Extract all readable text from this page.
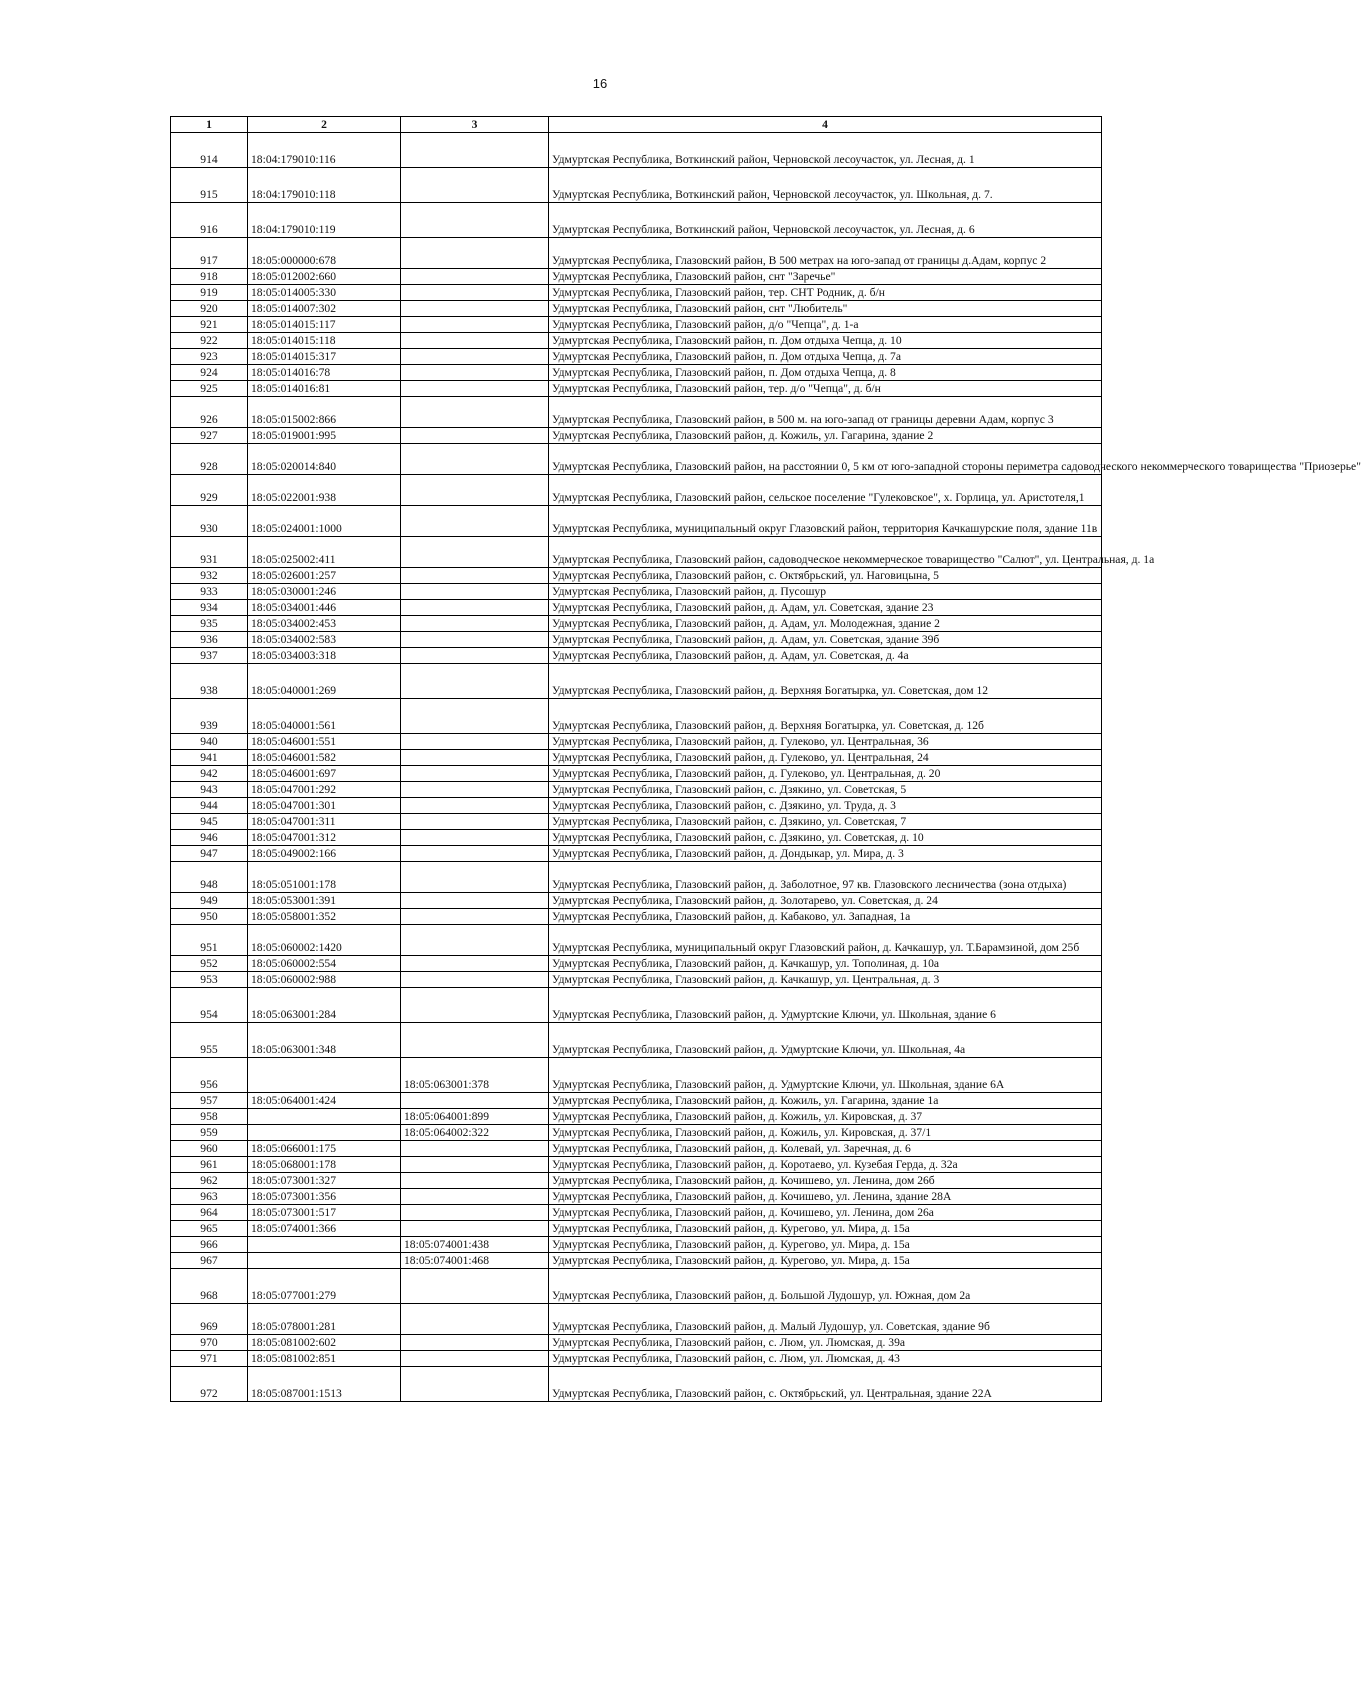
16
1	2	3	4
914	18:04:179010:116		Удмуртская Республика, Воткинский район, Черновской лесоучасток, ул. Лесная, д. 1
915	18:04:179010:118		Удмуртская Республика, Воткинский район, Черновской лесоучасток, ул. Школьная, д. 7.
916	18:04:179010:119		Удмуртская Республика, Воткинский район, Черновской лесоучасток, ул. Лесная, д. 6
917	18:05:000000:678		Удмуртская Республика, Глазовский район, В 500 метрах на юго-запад от границы д.Адам, корпус 2
918	18:05:012002:660		Удмуртская Республика, Глазовский район, снт "Заречье"
919	18:05:014005:330		Удмуртская Республика, Глазовский район, тер. СНТ Родник, д. б/н
920	18:05:014007:302		Удмуртская Республика, Глазовский район, снт "Любитель"
921	18:05:014015:117		Удмуртская Республика, Глазовский район, д/о "Чепца", д. 1-а
922	18:05:014015:118		Удмуртская Республика, Глазовский район, п. Дом отдыха Чепца, д. 10
923	18:05:014015:317		Удмуртская Республика, Глазовский район, п. Дом отдыха Чепца, д. 7а
924	18:05:014016:78		Удмуртская Республика, Глазовский район, п. Дом отдыха Чепца, д. 8
925	18:05:014016:81		Удмуртская Республика, Глазовский район, тер. д/о "Чепца", д. б/н
926	18:05:015002:866		Удмуртская Республика, Глазовский район, в 500 м. на юго-запад от границы деревни Адам, корпус 3
927	18:05:019001:995		Удмуртская Республика, Глазовский район, д. Кожиль, ул. Гагарина, здание 2
928	18:05:020014:840		Удмуртская Республика, Глазовский район, на расстоянии 0, 5 км от юго-западной стороны периметра садоводческого некоммерческого товарищества "Приозерье"
929	18:05:022001:938		Удмуртская Республика, Глазовский район, сельское поселение "Гулековское", х. Горлица, ул. Аристотеля,1
930	18:05:024001:1000		Удмуртская Республика, муниципальный округ Глазовский район, территория Качкашурские поля, здание 11в
931	18:05:025002:411		Удмуртская Республика, Глазовский район, садоводческое некоммерческое товарищество "Салют", ул. Центральная, д. 1а
932	18:05:026001:257		Удмуртская Республика, Глазовский район, с. Октябрьский, ул. Наговицына, 5
933	18:05:030001:246		Удмуртская Республика, Глазовский район, д. Пусошур
934	18:05:034001:446		Удмуртская Республика, Глазовский район, д. Адам, ул. Советская, здание 23
935	18:05:034002:453		Удмуртская Республика, Глазовский район, д. Адам, ул. Молодежная, здание 2
936	18:05:034002:583		Удмуртская Республика, Глазовский район, д. Адам, ул. Советская, здание 39б
937	18:05:034003:318		Удмуртская Республика, Глазовский район, д. Адам, ул. Советская, д. 4а
938	18:05:040001:269		Удмуртская Республика, Глазовский район, д. Верхняя Богатырка, ул. Советская, дом 12
939	18:05:040001:561		Удмуртская Республика, Глазовский район, д. Верхняя Богатырка, ул. Советская, д. 12б
940	18:05:046001:551		Удмуртская Республика, Глазовский район, д. Гулеково, ул. Центральная, 36
941	18:05:046001:582		Удмуртская Республика, Глазовский район, д. Гулеково, ул. Центральная, 24
942	18:05:046001:697		Удмуртская Республика, Глазовский район, д. Гулеково, ул. Центральная, д. 20
943	18:05:047001:292		Удмуртская Республика, Глазовский район, с. Дзякино, ул. Советская, 5
944	18:05:047001:301		Удмуртская Республика, Глазовский район, с. Дзякино, ул. Труда, д. 3
945	18:05:047001:311		Удмуртская Республика, Глазовский район, с. Дзякино, ул. Советская, 7
946	18:05:047001:312		Удмуртская Республика, Глазовский район, с. Дзякино, ул. Советская, д. 10
947	18:05:049002:166		Удмуртская Республика, Глазовский район, д. Дондыкар, ул. Мира, д. 3
948	18:05:051001:178		Удмуртская Республика, Глазовский район, д. Заболотное, 97 кв. Глазовского лесничества (зона отдыха)
949	18:05:053001:391		Удмуртская Республика, Глазовский район, д. Золотарево, ул. Советская, д. 24
950	18:05:058001:352		Удмуртская Республика, Глазовский район, д. Кабаково, ул. Западная, 1а
951	18:05:060002:1420		Удмуртская Республика, муниципальный округ Глазовский район, д. Качкашур, ул. Т.Барамзиной, дом 25б
952	18:05:060002:554		Удмуртская Республика, Глазовский район, д. Качкашур, ул. Тополиная, д. 10а
953	18:05:060002:988		Удмуртская Республика, Глазовский район, д. Качкашур, ул. Центральная, д. 3
954	18:05:063001:284		Удмуртская Республика, Глазовский район, д. Удмуртские Ключи, ул. Школьная, здание 6
955	18:05:063001:348		Удмуртская Республика, Глазовский район, д. Удмуртские Ключи, ул. Школьная, 4а
956		18:05:063001:378	Удмуртская Республика, Глазовский район, д. Удмуртские Ключи, ул. Школьная, здание 6А
957	18:05:064001:424		Удмуртская Республика, Глазовский район, д. Кожиль, ул. Гагарина, здание 1а
958		18:05:064001:899	Удмуртская Республика, Глазовский район, д. Кожиль, ул. Кировская, д. 37
959		18:05:064002:322	Удмуртская Республика, Глазовский район, д. Кожиль, ул. Кировская, д. 37/1
960	18:05:066001:175		Удмуртская Республика, Глазовский район, д. Колевай, ул. Заречная, д. 6
961	18:05:068001:178		Удмуртская Республика, Глазовский район, д. Коротаево, ул. Кузебая Герда, д. 32а
962	18:05:073001:327		Удмуртская Республика, Глазовский район, д. Кочишево, ул. Ленина, дом 26б
963	18:05:073001:356		Удмуртская Республика, Глазовский район, д. Кочишево, ул. Ленина, здание 28А
964	18:05:073001:517		Удмуртская Республика, Глазовский район, д. Кочишево, ул. Ленина, дом 26а
965	18:05:074001:366		Удмуртская Республика, Глазовский район, д. Курегово, ул. Мира, д. 15а
966		18:05:074001:438	Удмуртская Республика, Глазовский район, д. Курегово, ул. Мира, д. 15а
967		18:05:074001:468	Удмуртская Республика, Глазовский район, д. Курегово, ул. Мира, д. 15а
968	18:05:077001:279		Удмуртская Республика, Глазовский район, д. Большой Лудошур, ул. Южная, дом 2а
969	18:05:078001:281		Удмуртская Республика, Глазовский район, д. Малый Лудошур, ул. Советская, здание 9б
970	18:05:081002:602		Удмуртская Республика, Глазовский район, с. Люм, ул. Люмская, д. 39а
971	18:05:081002:851		Удмуртская Республика, Глазовский район, с. Люм, ул. Люмская, д. 43
972	18:05:087001:1513		Удмуртская Республика, Глазовский район, с. Октябрьский, ул. Центральная, здание 22А
